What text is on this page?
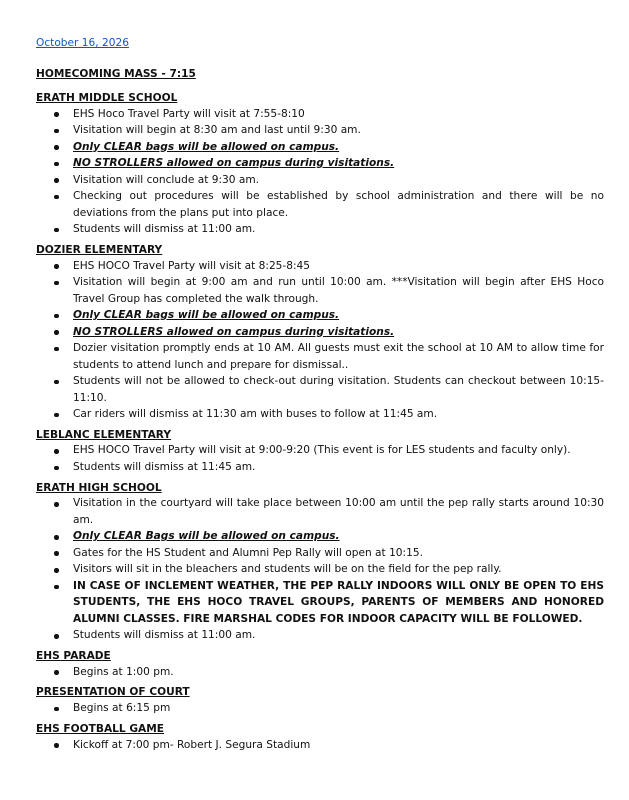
October 16, 2026
HOMECOMING MASS - 7:15
ERATH MIDDLE SCHOOL
EHS Hoco Travel Party will visit at 7:55-8:10
Visitation will begin at 8:30 am and last until 9:30 am.
Only CLEAR bags will be allowed on campus.
NO STROLLERS allowed on campus during visitations.
Visitation will conclude at 9:30 am.
Checking out procedures will be established by school administration and there will be no deviations from the plans put into place.
Students will dismiss at 11:00 am.
DOZIER ELEMENTARY
EHS HOCO Travel Party will visit at 8:25-8:45
Visitation will begin at 9:00 am and run until 10:00 am. ***Visitation will begin after EHS Hoco Travel Group has completed the walk through.
Only CLEAR bags will be allowed on campus.
NO STROLLERS allowed on campus during visitations.
Dozier visitation promptly ends at 10 AM. All guests must exit the school at 10 AM to allow time for students to attend lunch and prepare for dismissal..
Students will not be allowed to check-out during visitation. Students can checkout between 10:15-11:10.
Car riders will dismiss at 11:30 am with buses to follow at 11:45 am.
LEBLANC ELEMENTARY
EHS HOCO Travel Party will visit at 9:00-9:20 (This event is for LES students and faculty only).
Students will dismiss at 11:45 am.
ERATH HIGH SCHOOL
Visitation in the courtyard will take place between 10:00 am until the pep rally starts around 10:30 am.
Only CLEAR Bags will be allowed on campus.
Gates for the HS Student and Alumni Pep Rally will open at 10:15.
Visitors will sit in the bleachers and students will be on the field for the pep rally.
IN CASE OF INCLEMENT WEATHER, THE PEP RALLY INDOORS WILL ONLY BE OPEN TO EHS STUDENTS, THE EHS HOCO TRAVEL GROUPS, PARENTS OF MEMBERS AND HONORED ALUMNI CLASSES. FIRE MARSHAL CODES FOR INDOOR CAPACITY WILL BE FOLLOWED.
Students will dismiss at 11:00 am.
EHS PARADE
Begins at 1:00 pm.
PRESENTATION OF COURT
Begins at 6:15 pm
EHS FOOTBALL GAME
Kickoff at 7:00 pm- Robert J. Segura Stadium
